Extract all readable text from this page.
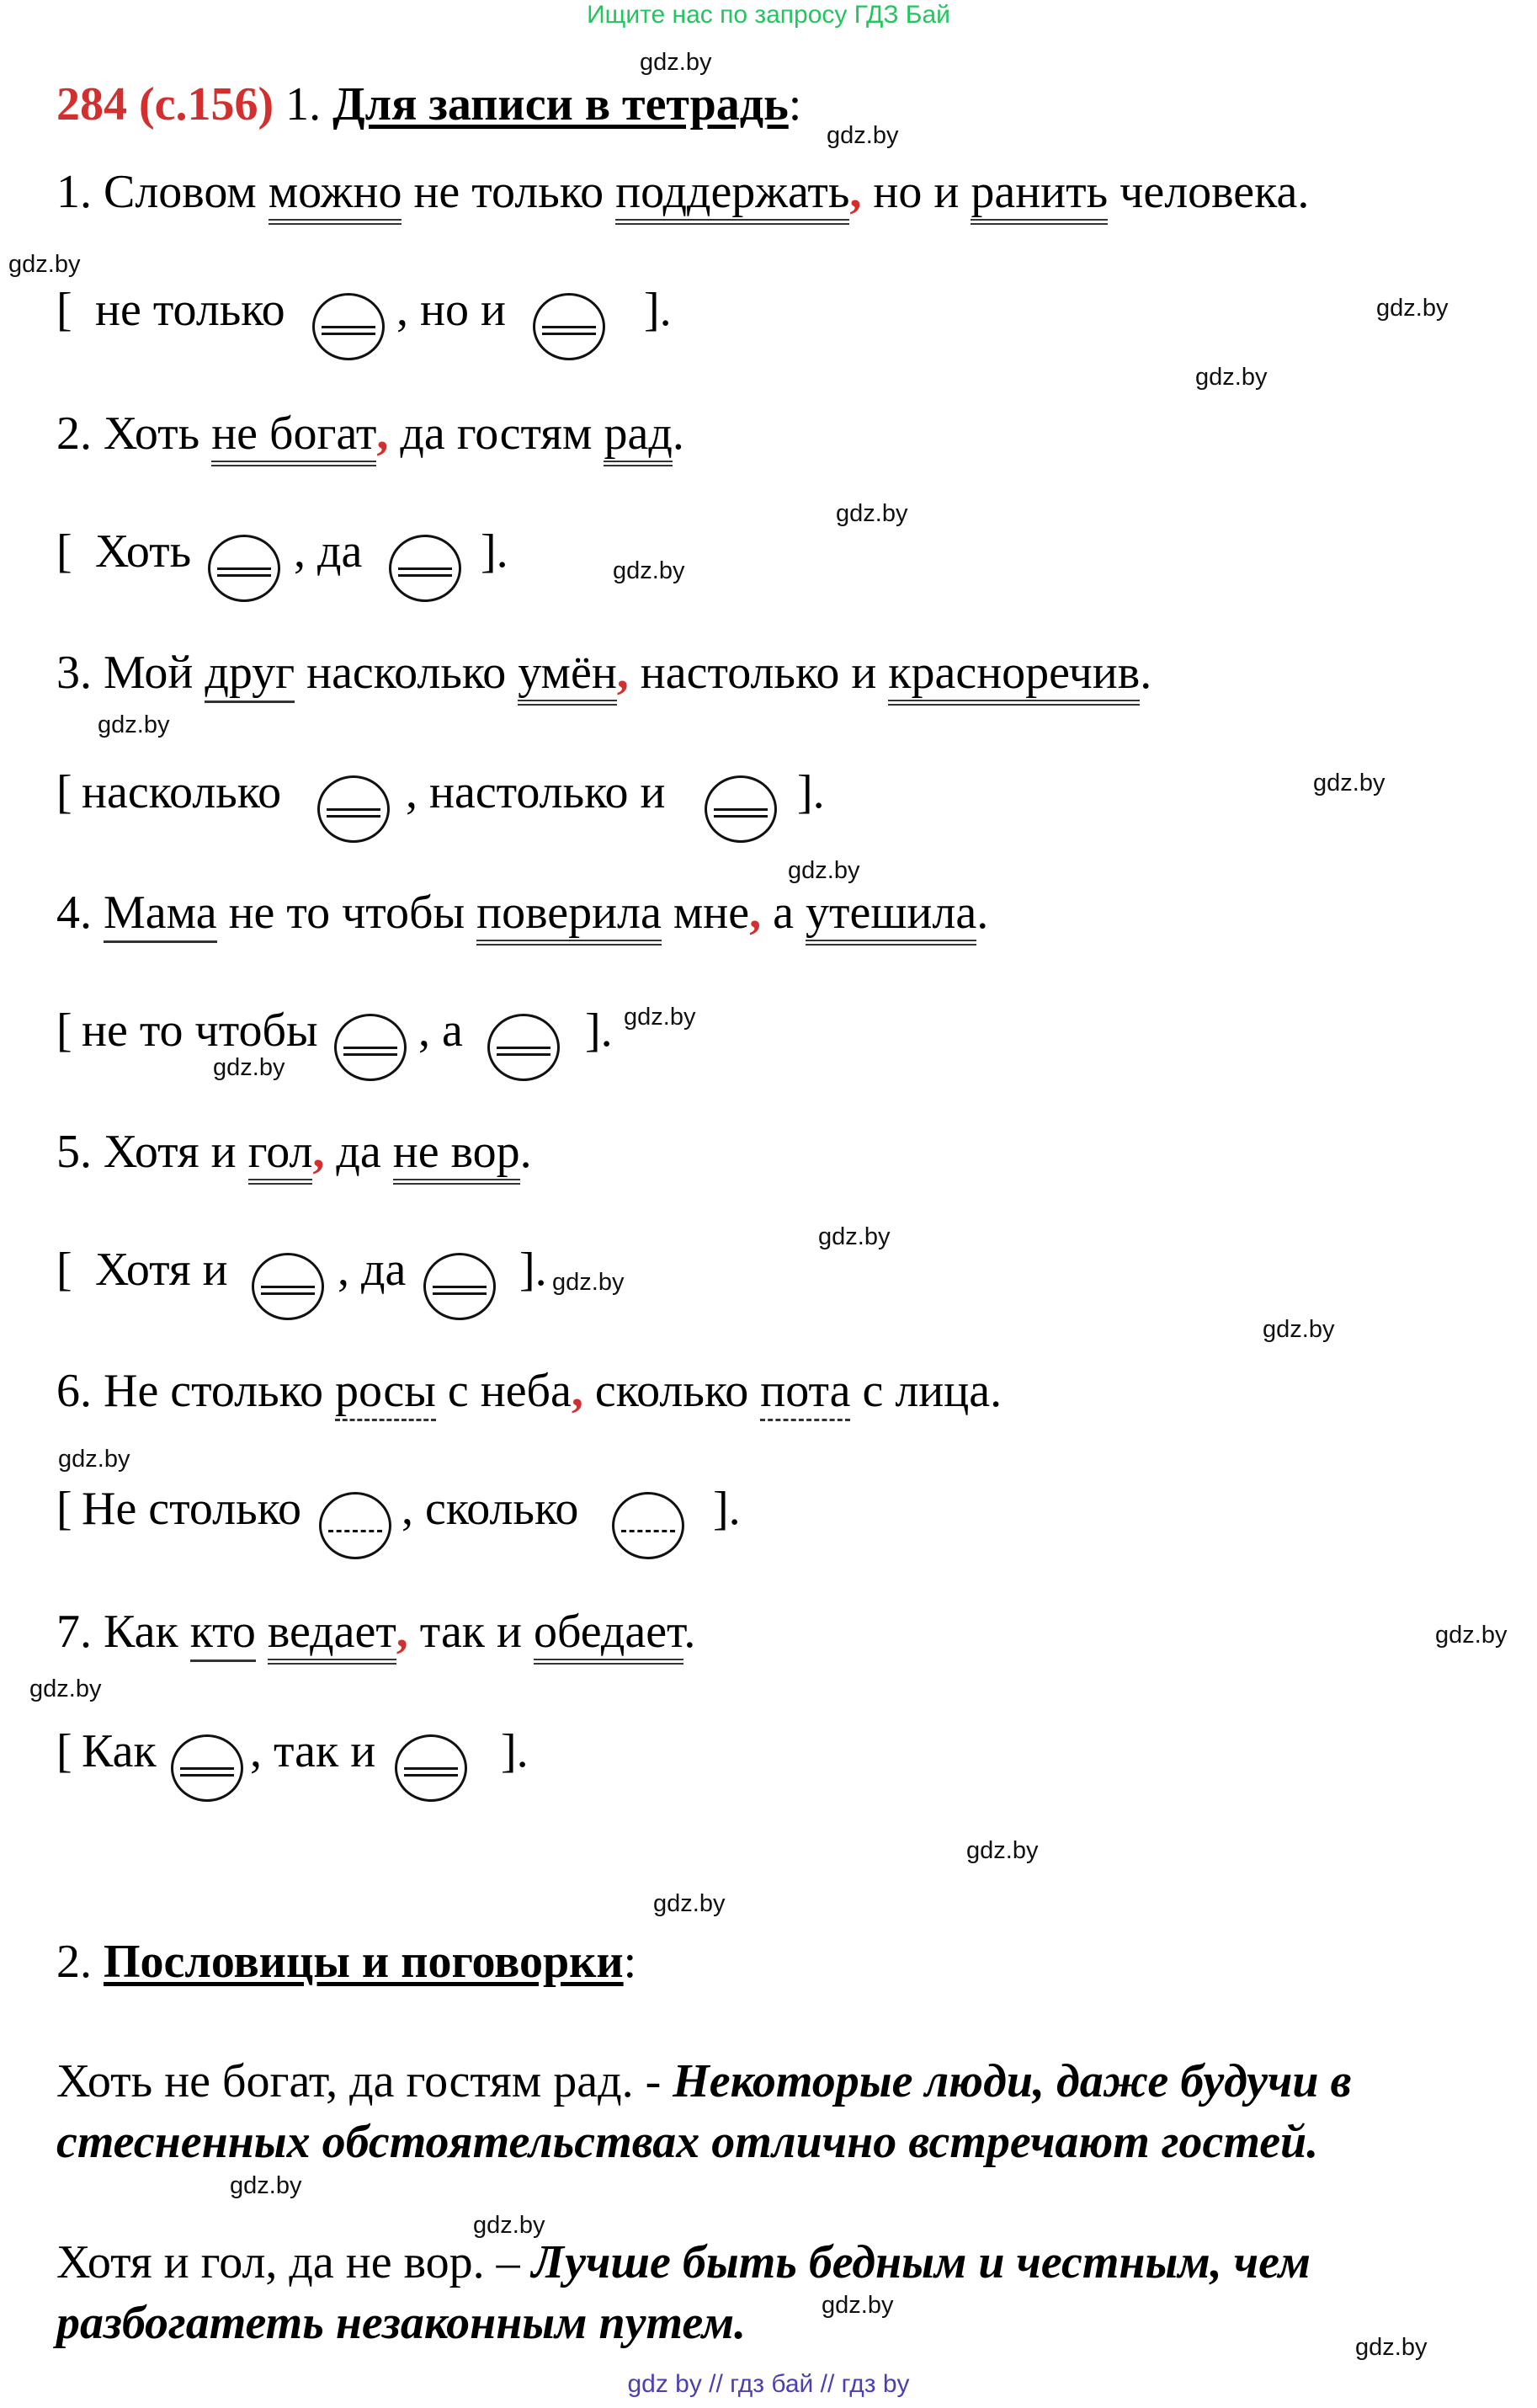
Ищите нас по запросу ГДЗ Бай
gdz.by
gdz.by
gdz.by
gdz.by
gdz.by
gdz.by
gdz.by
gdz.by
gdz.by
gdz.by
gdz.by
gdz.by
gdz.by
gdz.by
gdz.by
gdz.by
gdz.by
gdz.by
gdz.by
gdz.by
gdz.by
gdz.by
gdz.by
gdz.by
284 (с.156) 1. Для записи в тетрадь:
1. Словом можно не только поддержать, но и ранить человека.
[ не только , но и	].
2. Хоть не богат, да гостям рад.
[ Хоть , да	].
3. Мой друг насколько умён, настолько и красноречив.
[ насколько	, настолько и	].
4. Мама не то чтобы поверила мне, а утешила.
[ не то чтобы , а	].
5. Хотя и гол, да не вор.
[ Хотя и , да ].
6. Не столько росы с неба, сколько пота с лица.
[ Не столько , сколько	].
7. Как кто ведает, так и обедает.
[ Как , так и	].
2. Пословицы и поговорки:
Хоть не богат, да гостям рад. - Некоторые люди, даже будучи в
стесненных обстоятельствах отлично встречают гостей.
Хотя и гол, да не вор. – Лучше быть бедным и честным, чем
разбогатеть незаконным путем.
gdz by // гдз бай // гдз by
